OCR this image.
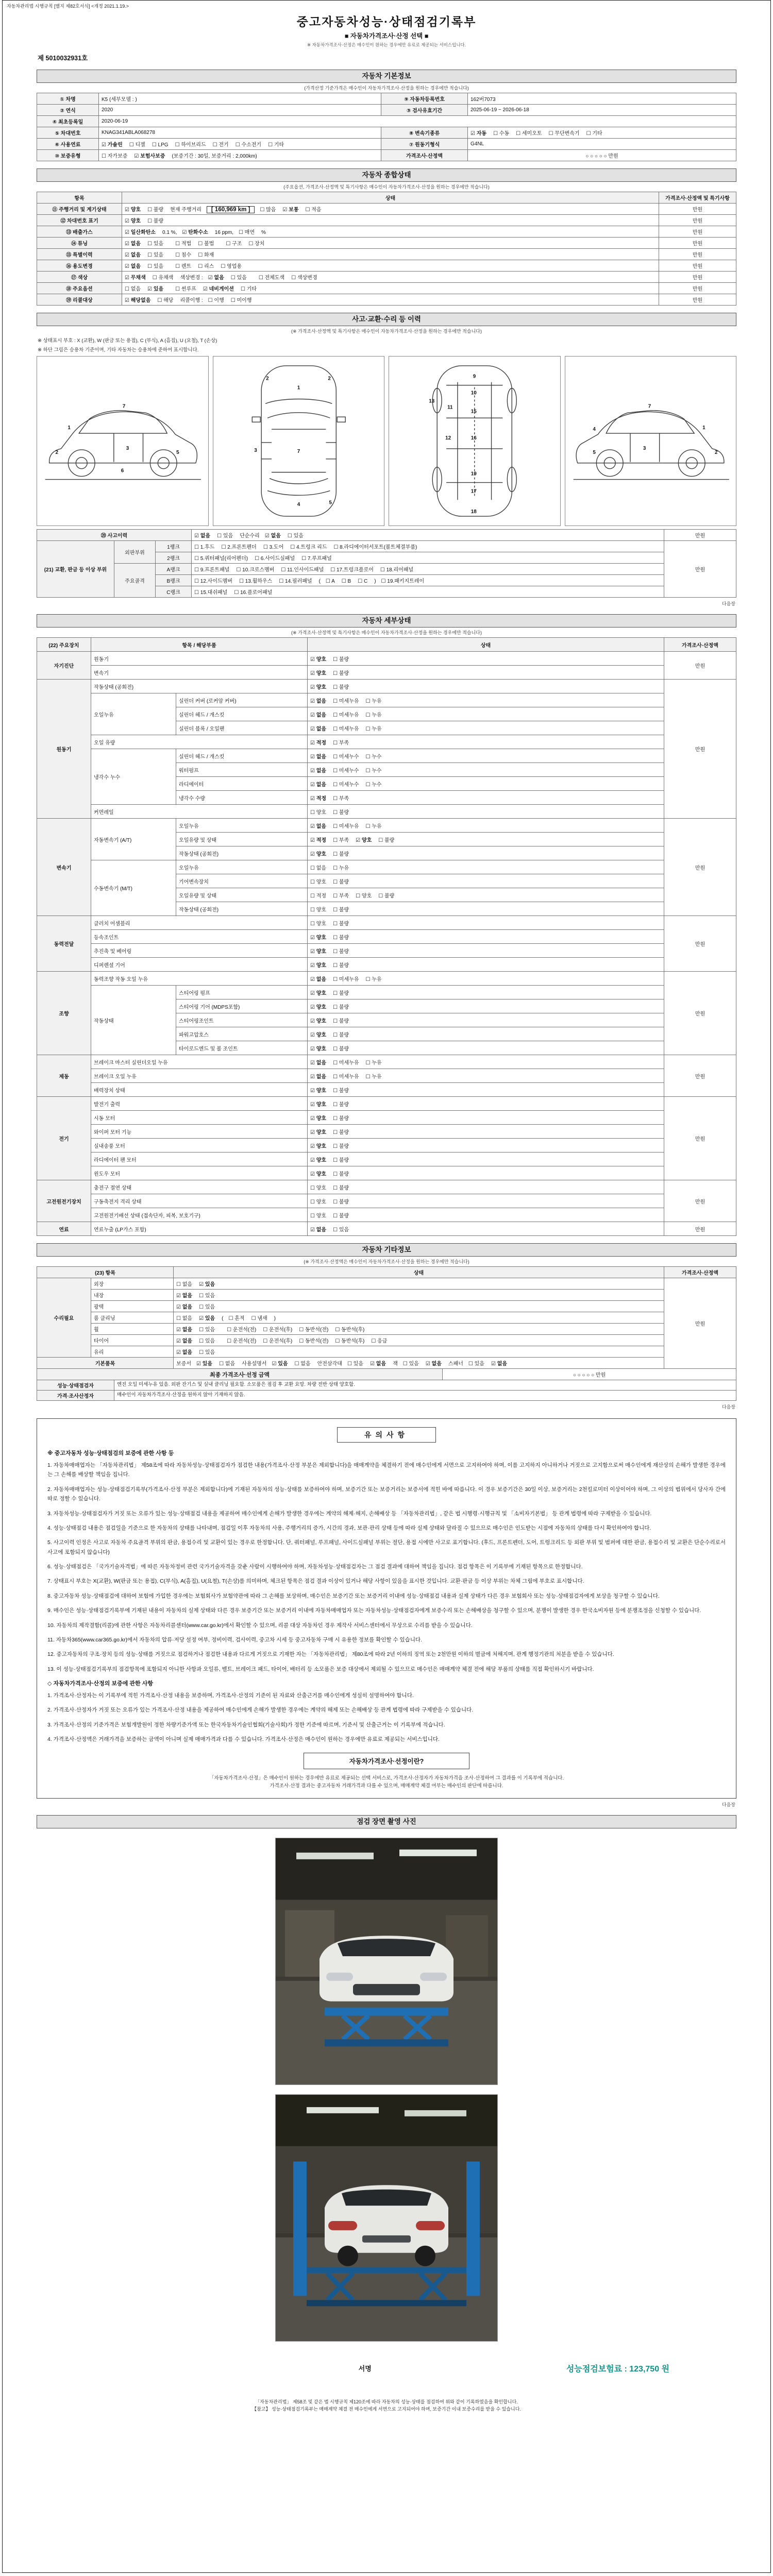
자동차관리법 시행규칙 [별지 제82호서식] <개정 2021.1.19.>
중고자동차성능·상태점검기록부
■ 자동차가격조사·산정 선택 ■
※ 자동차가격조사·산정은 매수인이 원하는 경우에만 유료로 제공되는 서비스입니다.
제 5010032931호
자동차 기본정보
(가격산정 기준가격은 매수인이 자동차가격조사·산정을 원하는 경우에만 적습니다)
① 차명	K5 (세부모델 : )	⑨ 자동차등록번호	162버7073
② 연식	2020	③ 검사유효기간	2025-06-19 ~ 2026-06-18
④ 최초등록일	2020-06-19		
⑤ 차대번호	KNAG341ABLA068278	⑧ 변속기종류	☑ 자동 ☐ 수동 ☐ 세미오토 ☐ 무단변속기 ☐ 기타
⑥ 사용연료	☑ 가솔린 ☐ 디젤 ☐ LPG ☐ 하이브리드 ☐ 전기 ☐ 수소전기 ☐ 기타	⑦ 원동기형식	G4NL
⑩ 보증유형	☐ 자가보증 ☑ 보험사보증 (보증기간 : 30일, 보증거리 : 2,000km)	가격조사·산정액	○ ○ ○ ○ ○ 만원
자동차 종합상태
(주요옵션, 가격조사·산정액 및 특기사항은 매수인이 자동차가격조사·산정을 원하는 경우에만 적습니다)
항목	상태	가격조사·산정액 및 특기사항
⑪ 주행거리 및 계기상태	☑ 양호 ☐ 불량 현재 주행거리 [ 160,969 km ] ☐ 많음 ☑ 보통 ☐ 적음	만원
⑫ 차대번호 표기	☑ 양호 ☐ 불량	만원
⑬ 배출가스	☑ 일산화탄소 0.1 %, ☑ 탄화수소 16 ppm, ☐ 매연 %	만원
⑭ 튜닝	☑ 없음 ☐ 있음 ☐ 적법 ☐ 불법 ☐ 구조 ☐ 장치	만원
⑮ 특별이력	☑ 없음 ☐ 있음 ☐ 침수 ☐ 화재	만원
⑯ 용도변경	☑ 없음 ☐ 있음 ☐ 렌트 ☐ 리스 ☐ 영업용	만원
⑰ 색상	☑ 무채색 ☐ 유채색 색상변경 : ☑ 없음 ☐ 있음 ☐ 전체도색 ☐ 색상변경	만원
⑱ 주요옵션	☐ 없음 ☑ 있음 ☐ 썬루프 ☑ 네비게이션 ☐ 기타	만원
⑲ 리콜대상	☑ 해당없음 ☐ 해당 리콜이행 : ☐ 이행 ☐ 미이행	만원
사고·교환·수리 등 이력
(※ 가격조사·산정액 및 특기사항은 매수인이 자동차가격조사·산정을 원하는 경우에만 적습니다)
※ 상태표시 부호 : X (교환), W (판금 또는 용접), C (부식), A (흠집), U (요철), T (손상)
※ 하단 그림은 승용차 기준이며, 기타 자동차는 승용차에 준하여 표시합니다.
1
2
3
5
6
7
1
2	2
3	7
4	5
9
10
11
12
13
15
16
17
18
19
1
2
3
4
5
7
⑳ 사고이력			☑ 없음 ☐ 있음단순수리 ☑ 없음 ☐ 있음	만원
(21) 교환, 판금 등 이상 부위	외판부위	1랭크	☐ 1.후드 ☐ 2.프론트펜더 ☐ 3.도어 ☐ 4.트렁크 리드 ☐ 8.라디에이터서포트(볼트체결부품)	만원
		2랭크	☐ 5.쿼터패널(리어펜더) ☐ 6.사이드실패널 ☐ 7.루프패널	
	주요골격	A랭크	☐ 9.프론트패널 ☐ 10.크로스멤버 ☐ 11.인사이드패널 ☐ 17.트렁크플로어 ☐ 18.리어패널	
		B랭크	☐ 12.사이드멤버 ☐ 13.휠하우스 ☐ 14.필러패널 ( ☐ A ☐ B ☐ C ) ☐ 19.패키지트레이	
		C랭크	☐ 15.대쉬패널 ☐ 16.플로어패널	
다음장
자동차 세부상태
(※ 가격조사·산정액 및 특기사항은 매수인이 자동차가격조사·산정을 원하는 경우에만 적습니다)
(22) 주요장치	항목 / 해당부품		상태	가격조사·산정액
자기진단	원동기		☑ 양호 ☐ 불량	만원
	변속기		☑ 양호 ☐ 불량	
원동기	작동상태 (공회전)		☑ 양호 ☐ 불량	만원
	오일누유	실린더 커버 (로커암 커버)	☑ 없음 ☐ 미세누유 ☐ 누유	
		실린더 헤드 / 개스킷	☑ 없음 ☐ 미세누유 ☐ 누유	
		실린더 블록 / 오일팬	☑ 없음 ☐ 미세누유 ☐ 누유	
	오일 유량		☑ 적정 ☐ 부족	
	냉각수 누수	실린더 헤드 / 개스킷	☑ 없음 ☐ 미세누수 ☐ 누수	
		워터펌프	☑ 없음 ☐ 미세누수 ☐ 누수	
		라디에이터	☑ 없음 ☐ 미세누수 ☐ 누수	
		냉각수 수량	☑ 적정 ☐ 부족	
	커먼레일		☐ 양호 ☐ 불량	
변속기	자동변속기 (A/T)	오일누유	☑ 없음 ☐ 미세누유 ☐ 누유	만원
		오일유량 및 상태	☑ 적정 ☐ 부족 ☑ 양호 ☐ 불량	
		작동상태 (공회전)	☑ 양호 ☐ 불량	
	수동변속기 (M/T)	오일누유	☐ 없음 ☐ 누유	
		기어변속장치	☐ 양호 ☐ 불량	
		오일유량 및 상태	☐ 적정 ☐ 부족 ☐ 양호 ☐ 불량	
		작동상태 (공회전)	☐ 양호 ☐ 불량	
동력전달	클러치 어셈블리		☐ 양호 ☐ 불량	만원
	등속조인트		☑ 양호 ☐ 불량	
	추진축 및 베어링		☑ 양호 ☐ 불량	
	디퍼렌셜 기어		☑ 양호 ☐ 불량	
조향	동력조향 작동 오일 누유		☑ 없음 ☐ 미세누유 ☐ 누유	만원
	작동상태	스티어링 펌프	☑ 양호 ☐ 불량	
		스티어링 기어 (MDPS포함)	☑ 양호 ☐ 불량	
		스티어링조인트	☑ 양호 ☐ 불량	
		파워고압호스	☑ 양호 ☐ 불량	
		타이로드엔드 및 볼 조인트	☑ 양호 ☐ 불량	
제동	브레이크 마스터 실린더오일 누유		☑ 없음 ☐ 미세누유 ☐ 누유	만원
	브레이크 오일 누유		☑ 없음 ☐ 미세누유 ☐ 누유	
	배력장치 상태		☑ 양호 ☐ 불량	
전기	발전기 출력		☑ 양호 ☐ 불량	만원
	시동 모터		☑ 양호 ☐ 불량	
	와이퍼 모터 기능		☑ 양호 ☐ 불량	
	실내송풍 모터		☑ 양호 ☐ 불량	
	라디에이터 팬 모터		☑ 양호 ☐ 불량	
	윈도우 모터		☑ 양호 ☐ 불량	
고전원전기장치	충전구 절연 상태		☐ 양호 ☐ 불량	만원
	구동축전지 격리 상태		☐ 양호 ☐ 불량	
	고전원전기배선 상태 (접속단자, 피복, 보호기구)		☐ 양호 ☐ 불량	
연료	연료누출 (LP가스 포함)		☑ 없음 ☐ 있음	만원
자동차 기타정보
(※ 가격조사·산정액은 매수인이 자동차가격조사·산정을 원하는 경우에만 적습니다)
(23) 항목		상태	가격조사·산정액
수리필요	외장	☐ 없음 ☑ 있음	만원
	내장	☑ 없음 ☐ 있음	
	광택	☑ 없음 ☐ 있음	
	룸 클리닝	☐ 없음 ☑ 있음 ( ☐ 흔적 ☐ 냄새 )	
	휠	☑ 없음 ☐ 있음 ☐ 운전석(전) ☐ 운전석(후) ☐ 동반석(전) ☐ 동반석(후)	
	타이어	☑ 없음 ☐ 있음 ☐ 운전석(전) ☐ 운전석(후) ☐ 동반석(전) ☐ 동반석(후) ☐ 응급	
	유리	☑ 없음 ☐ 있음	
기본품목		보증서 ☑ 있음 ☐ 없음 사용설명서 ☑ 있음 ☐ 없음 안전삼각대 ☐ 있음 ☑ 없음 잭 ☐ 있음 ☑ 없음 스패너 ☐ 있음 ☑ 없음	
최종 가격조사·선정 금액	○ ○ ○ ○ ○ 만원
성능·상태점검자	엔진 오일 미세누유 있음. 외판 잔기스 및 실내 클리닝 필요함. 소모품은 점검 후 교환 요망. 차량 전반 상태 양호함.
가격·조사산정자	매수인이 자동차가격조사·산정을 원하지 않아 기재하지 않음.
다음장
유의사항
※ 중고자동차 성능·상태점검의 보증에 관한 사항 등
1. 자동차매매업자는 「자동차관리법」 제58조에 따라 자동차성능·상태점검자가 점검한 내용(가격조사·산정 부분은 제외합니다)을 매매계약을 체결하기 전에 매수인에게 서면으로 고지하여야 하며, 이를 고지하지 아니하거나 거짓으로 고지함으로써 매수인에게 재산상의 손해가 발생한 경우에는 그 손해를 배상할 책임을 집니다.
2. 자동차매매업자는 성능·상태점검기록부(가격조사·산정 부분은 제외합니다)에 기재된 자동차의 성능·상태를 보증하여야 하며, 보증기간 또는 보증거리는 보증서에 적힌 바에 따릅니다. 이 경우 보증기간은 30일 이상, 보증거리는 2천킬로미터 이상이어야 하며, 그 이상의 범위에서 당사자 간에 따로 정할 수 있습니다.
3. 자동차성능·상태점검자가 거짓 또는 오류가 있는 성능·상태점검 내용을 제공하여 매수인에게 손해가 발생한 경우에는 계약의 해제·해지, 손해배상 등 「자동차관리법」, 같은 법 시행령·시행규칙 및 「소비자기본법」 등 관계 법령에 따라 구제받을 수 있습니다.
4. 성능·상태점검 내용은 점검일을 기준으로 한 자동차의 상태를 나타내며, 점검일 이후 자동차의 사용, 주행거리의 증가, 시간의 경과, 보관·관리 상태 등에 따라 실제 상태와 달라질 수 있으므로 매수인은 인도받는 시점에 자동차의 상태를 다시 확인하여야 합니다.
5. 사고이력 인정은 사고로 자동차 주요골격 부위의 판금, 용접수리 및 교환이 있는 경우로 한정합니다. 단, 쿼터패널, 루프패널, 사이드실패널 부위는 절단, 용접 시에만 사고로 표기합니다. (후드, 프론트펜더, 도어, 트렁크리드 등 외판 부위 및 범퍼에 대한 판금, 용접수리 및 교환은 단순수리로서 사고에 포함되지 않습니다)
6. 성능·상태점검은 「국가기술자격법」에 따른 자동차정비 관련 국가기술자격을 갖춘 사람이 시행하여야 하며, 자동차성능·상태점검자는 그 점검 결과에 대하여 책임을 집니다. 점검 항목은 이 기록부에 기재된 항목으로 한정합니다.
7. 상태표시 부호는 X(교환), W(판금 또는 용접), C(부식), A(흠집), U(요철), T(손상)를 의미하며, 체크된 항목은 점검 결과 이상이 있거나 해당 사항이 있음을 표시한 것입니다. 교환·판금 등 이상 부위는 차체 그림에 부호로 표시합니다.
8. 중고자동차 성능·상태점검에 대하여 보험에 가입한 경우에는 보험회사가 보험약관에 따라 그 손해를 보상하며, 매수인은 보증기간 또는 보증거리 이내에 성능·상태점검 내용과 실제 상태가 다른 경우 보험회사 또는 성능·상태점검자에게 보상을 청구할 수 있습니다.
9. 매수인은 성능·상태점검기록부에 기재된 내용이 자동차의 실제 상태와 다른 경우 보증기간 또는 보증거리 이내에 자동차매매업자 또는 자동차성능·상태점검자에게 보증수리 또는 손해배상을 청구할 수 있으며, 분쟁이 발생한 경우 한국소비자원 등에 분쟁조정을 신청할 수 있습니다.
10. 자동차의 제작결함(리콜)에 관한 사항은 자동차리콜센터(www.car.go.kr)에서 확인할 수 있으며, 리콜 대상 자동차인 경우 제작사 서비스센터에서 무상으로 수리를 받을 수 있습니다.
11. 자동차365(www.car365.go.kr)에서 자동차의 압류·저당 설정 여부, 정비이력, 검사이력, 중고차 시세 등 중고자동차 구매 시 유용한 정보를 확인할 수 있습니다.
12. 중고자동차의 구조·장치 등의 성능·상태를 거짓으로 점검하거나 점검한 내용과 다르게 거짓으로 기재한 자는 「자동차관리법」 제80조에 따라 2년 이하의 징역 또는 2천만원 이하의 벌금에 처해지며, 관계 행정기관의 처분을 받을 수 있습니다.
13. 이 성능·상태점검기록부의 점검항목에 포함되지 아니한 사항과 오일류, 벨트, 브레이크 패드, 타이어, 배터리 등 소모품은 보증 대상에서 제외될 수 있으므로 매수인은 매매계약 체결 전에 해당 부품의 상태를 직접 확인하시기 바랍니다.
◇ 자동차가격조사·산정의 보증에 관한 사항
1. 가격조사·산정자는 이 기록부에 적힌 가격조사·산정 내용을 보증하며, 가격조사·산정의 기준이 된 자료와 산출근거를 매수인에게 성실히 설명하여야 합니다.
2. 가격조사·산정자가 거짓 또는 오류가 있는 가격조사·산정 내용을 제공하여 매수인에게 손해가 발생한 경우에는 계약의 해제 또는 손해배상 등 관계 법령에 따라 구제받을 수 있습니다.
3. 가격조사·산정의 기준가격은 보험개발원이 정한 차량기준가액 또는 한국자동차기술인협회(기술사회)가 정한 기준에 따르며, 기준서 및 산출근거는 이 기록부에 적습니다.
4. 가격조사·산정액은 거래가격을 보증하는 금액이 아니며 실제 매매가격과 다를 수 있습니다. 가격조사·산정은 매수인이 원하는 경우에만 유료로 제공되는 서비스입니다.
자동차가격조사·선정이란?
「자동차가격조사·산정」은 매수인이 원하는 경우에만 유료로 제공되는 선택 서비스로, 가격조사·산정자가 자동차가격을 조사·산정하여 그 결과를 이 기록부에 적습니다.
가격조사·산정 결과는 중고자동차 거래가격과 다를 수 있으며, 매매계약 체결 여부는 매수인의 판단에 따릅니다.
다음장
점검 장면 촬영 사진
서명	성능점검보험료 : 123,750 원
「자동차관리법」 제58조 및 같은 법 시행규칙 제120조에 따라 자동차의 성능·상태를 점검하여 위와 같이 기록하였음을 확인합니다.
【참고】 성능·상태점검기록부는 매매계약 체결 전 매수인에게 서면으로 고지되어야 하며, 보증기간 이내 보증수리를 받을 수 있습니다.
